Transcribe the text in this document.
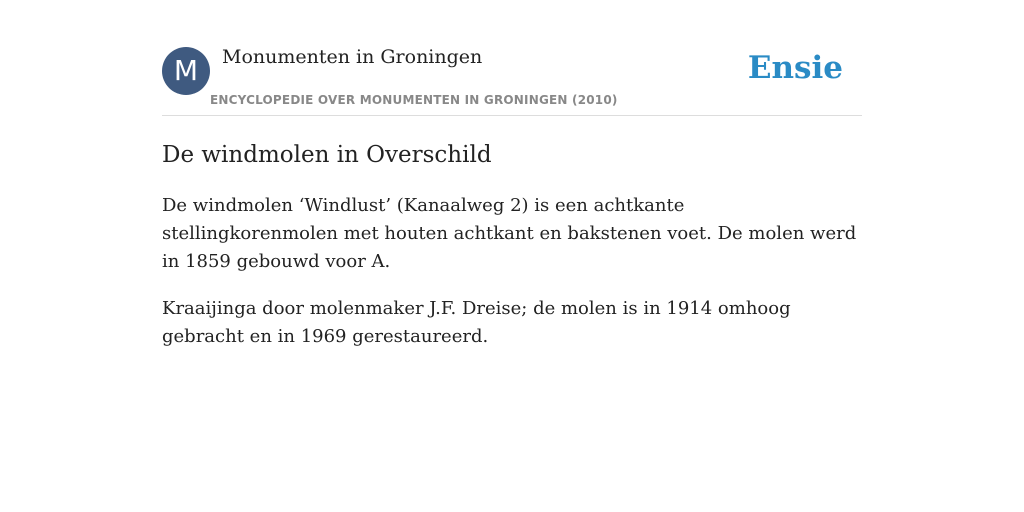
M	Monumenten in Groningen
ENCYCLOPEDIE OVER MONUMENTEN IN GRONINGEN (2010)
Ensie
De windmolen in Overschild

De windmolen ‘Windlust’ (Kanaalweg 2) is een achtkante stellingkorenmolen met houten achtkant en bakstenen voet. De molen werd in 1859 gebouwd voor A.

Kraaijinga door molenmaker J.F. Dreise; de molen is in 1914 omhoog gebracht en in 1969 gerestaureerd.
